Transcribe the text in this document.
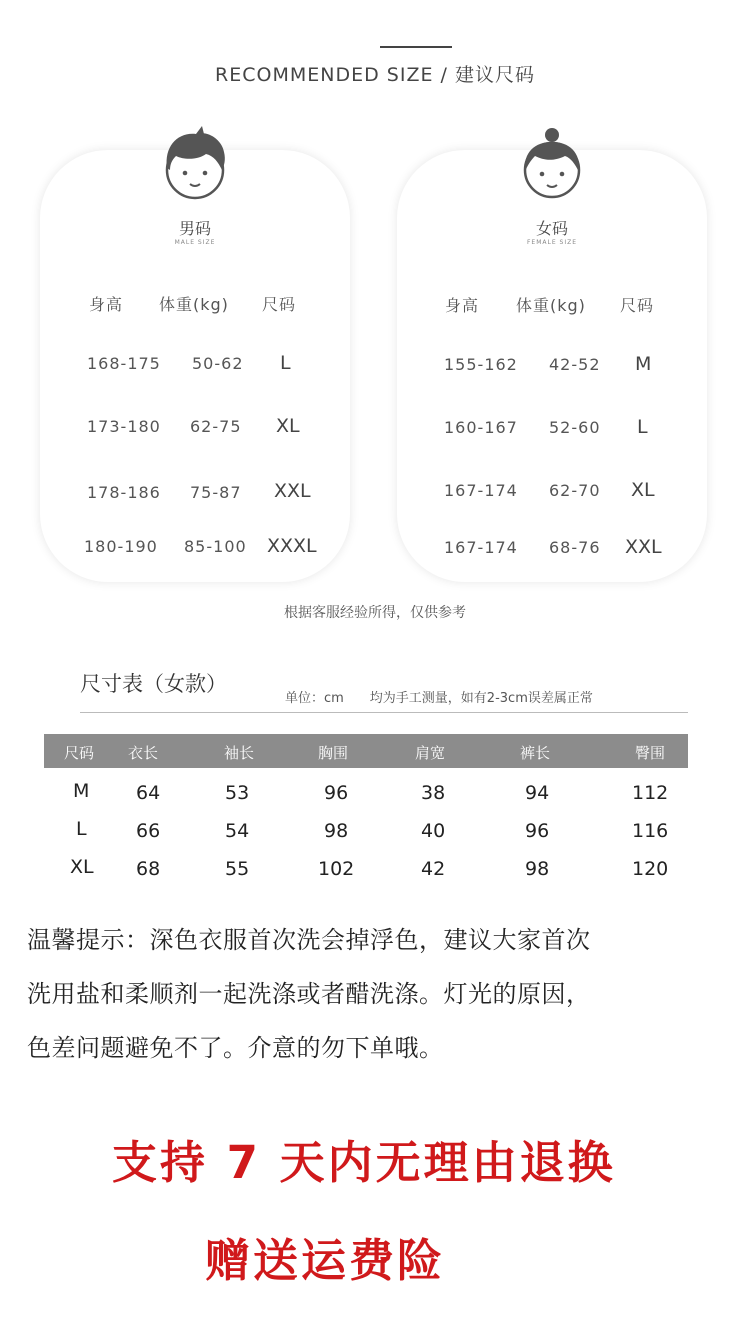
RECOMMENDED SIZE / 建议尺码
男码
MALE SIZE
身高 体重(kg) 尺码
168-175 50-62 L
173-180 62-75 XL
178-186 75-87 XXL
180-190 85-100 XXXL
女码
FEMALE SIZE
身高 体重(kg) 尺码
155-162 42-52 M
160-167 52-60 L
167-174 62-70 XL
167-174 68-76 XXL
根据客服经验所得，仅供参考
尺寸表（女款）
单位：cm　　均为手工测量，如有2-3cm误差属正常
尺码 衣长	袖长	胸围	肩宽	裤长	臀围
M 64	53	96	38	94	112
L	66	54	98	40	96	116
XL 68	55	102	42	98	120
温馨提示：深色衣服首次洗会掉浮色，建议大家首次
洗用盐和柔顺剂一起洗涤或者醋洗涤。灯光的原因，
色差问题避免不了。介意的勿下单哦。
支持 7 天内无理由退换
赠送运费险
